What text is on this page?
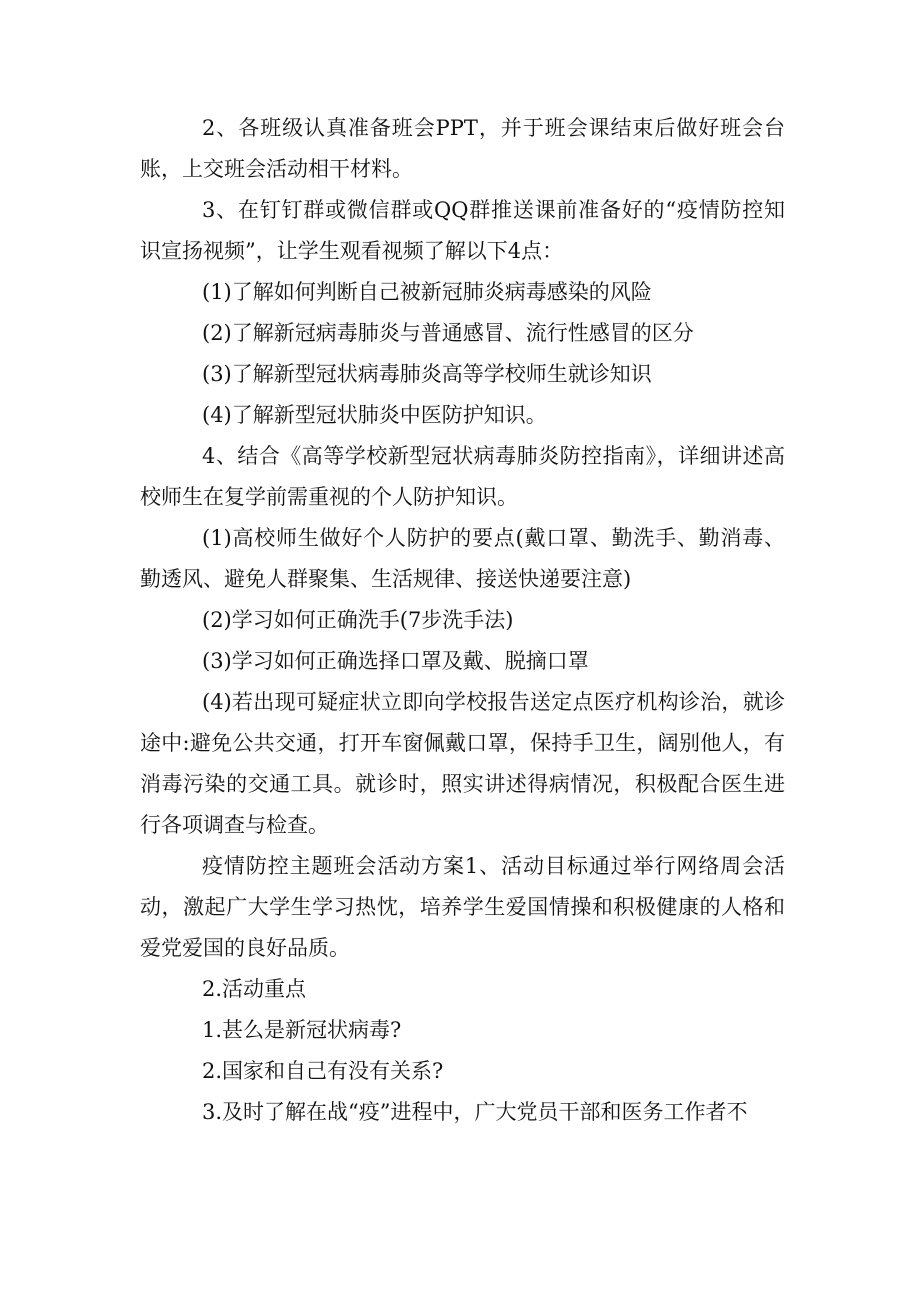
2、各班级认真准备班会PPT，并于班会课结束后做好班会台账，上交班会活动相干材料。

3、在钉钉群或微信群或QQ群推送课前准备好的“疫情防控知识宣扬视频”，让学生观看视频了解以下4点：

(1)了解如何判断自己被新冠肺炎病毒感染的风险

(2)了解新冠病毒肺炎与普通感冒、流行性感冒的区分

(3)了解新型冠状病毒肺炎高等学校师生就诊知识

(4)了解新型冠状肺炎中医防护知识。

4、结合《高等学校新型冠状病毒肺炎防控指南》，详细讲述高校师生在复学前需重视的个人防护知识。

(1)高校师生做好个人防护的要点(戴口罩、勤洗手、勤消毒、勤透风、避免人群聚集、生活规律、接送快递要注意)

(2)学习如何正确洗手(7步洗手法)

(3)学习如何正确选择口罩及戴、脱摘口罩

(4)若出现可疑症状立即向学校报告送定点医疗机构诊治，就诊途中:避免公共交通，打开车窗佩戴口罩，保持手卫生，阔别他人，有消毒污染的交通工具。就诊时，照实讲述得病情况，积极配合医生进行各项调查与检查。

疫情防控主题班会活动方案1、活动目标通过举行网络周会活动，激起广大学生学习热忱，培养学生爱国情操和积极健康的人格和爱党爱国的良好品质。

2.活动重点

1.甚么是新冠状病毒?

2.国家和自己有没有关系?

3.及时了解在战“疫”进程中，广大党员干部和医务工作者不
